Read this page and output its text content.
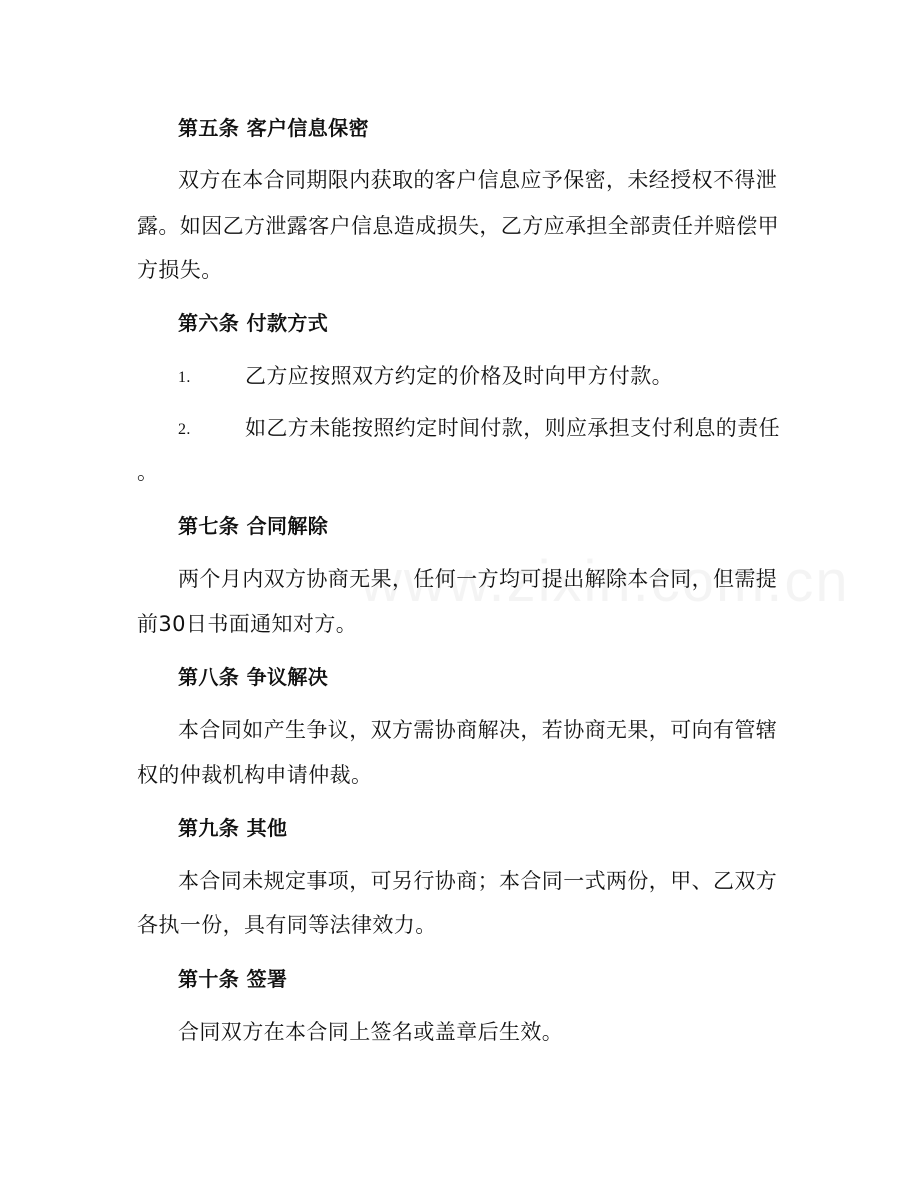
第五条 客户信息保密
双方在本合同期限内获取的客户信息应予保密，未经授权不得泄
露。如因乙方泄露客户信息造成损失，乙方应承担全部责任并赔偿甲
方损失。
第六条 付款方式
1.	乙方应按照双方约定的价格及时向甲方付款。
2.	如乙方未能按照约定时间付款，则应承担支付利息的责任
。
第七条 合同解除
两个月内双方协商无果，任何一方均可提出解除本合同，但需提
前30日书面通知对方。
第八条 争议解决
本合同如产生争议，双方需协商解决，若协商无果，可向有管辖
权的仲裁机构申请仲裁。
第九条 其他
本合同未规定事项，可另行协商；本合同一式两份，甲、乙双方
各执一份，具有同等法律效力。
第十条 签署
合同双方在本合同上签名或盖章后生效。
